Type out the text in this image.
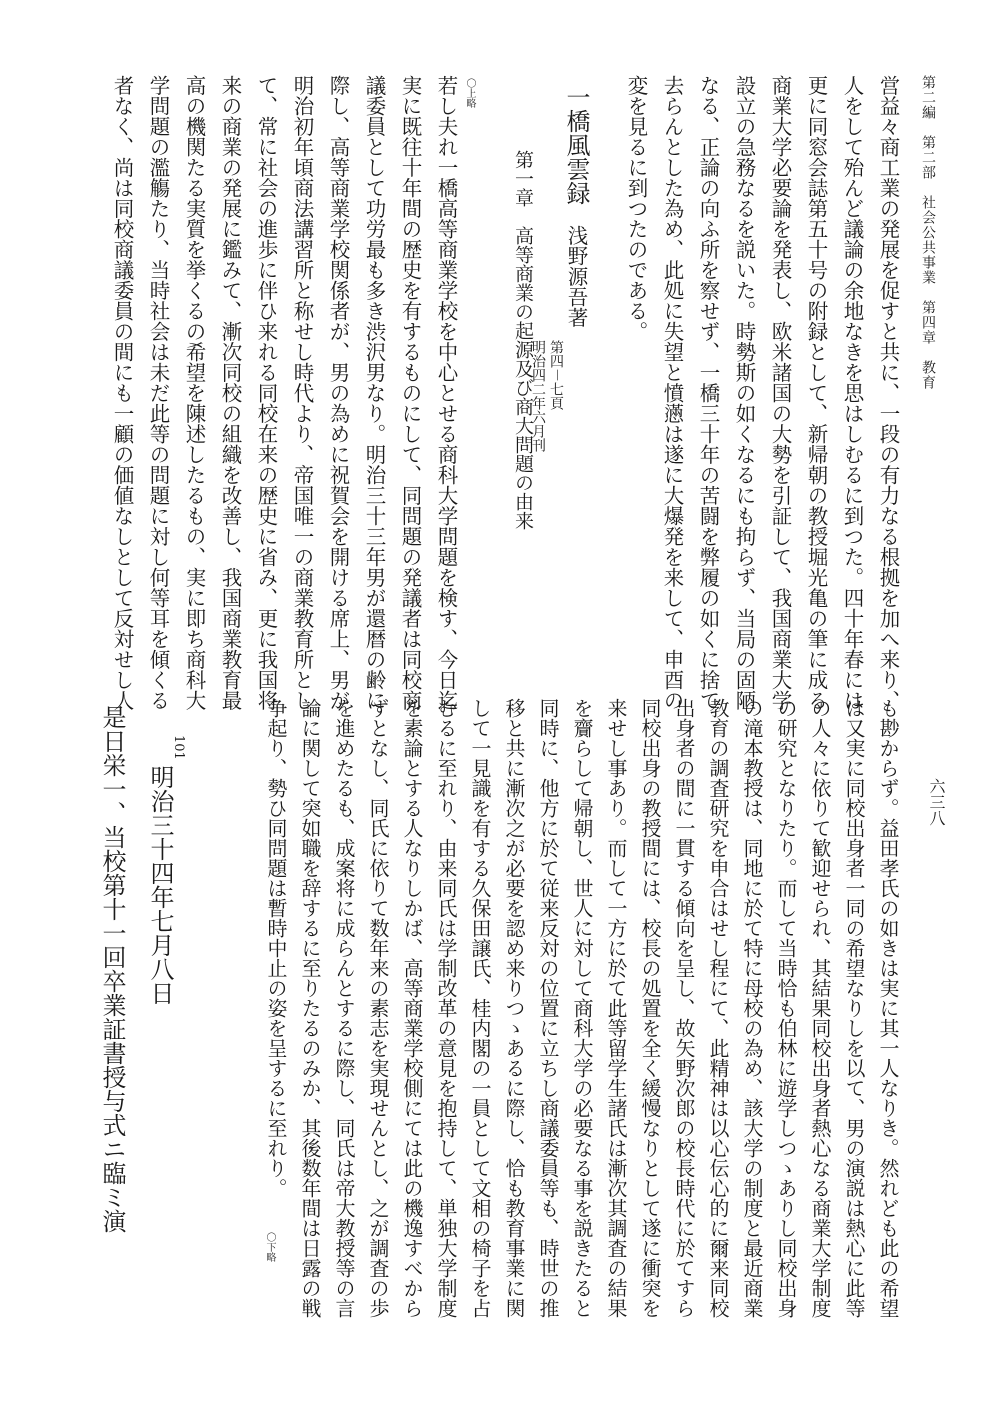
第二編　第二部　社会公共事業　第四章　教育
六三八
営益々商工業の発展を促すと共に、一段の有力なる根拠を加へ来り、
人をして殆んど議論の余地なきを思はしむるに到つた。四十年春には
更に同窓会誌第五十号の附録として、新帰朝の教授堀光亀の筆に成る
商業大学必要論を発表し、欧米諸国の大勢を引証して、我国商業大学
設立の急務なるを説いた。時勢斯の如くなるにも拘らず、当局の固陋
なる、正論の向ふ所を察せず、一橋三十年の苦闘を弊履の如くに捨て
去らんとした為め、此処に失望と憤懣は遂に大爆発を来して、申酉の
変を見るに到つたのである。
一橋風雲録
浅野源吾著
第四－七頁
明治四二年六月刊
第一章　高等商業の起源及び商大問題の由来
〇上略
若し夫れ一橋高等商業学校を中心とせる商科大学問題を検す、今日迄
実に既往十年間の歴史を有するものにして、同問題の発議者は同校商
議委員として功労最も多き渋沢男なり。明治三十三年男が還暦の齢に
際し、高等商業学校関係者が、男の為めに祝賀会を開ける席上、男が
明治初年頃商法講習所と称せし時代より、帝国唯一の商業教育所とし
て、常に社会の進歩に伴ひ来れる同校在来の歴史に省み、更に我国将
来の商業の発展に鑑みて、漸次同校の組織を改善し、我国商業教育最
高の機関たる実質を挙くるの希望を陳述したるもの、実に即ち商科大
学問題の濫觴たり、当時社会は未だ此等の問題に対し何等耳を傾くる
者なく、尚は同校商議委員の間にも一顧の価値なしとして反対せし人
も尠からず。益田孝氏の如きは実に其一人なりき。然れども此の希望
は又実に同校出身者一同の希望なりしを以て、男の演説は熱心に此等
の人々に依りて歓迎せられ、其結果同校出身者熱心なる商業大学制度
の研究となりたり。而して当時恰も伯林に遊学しつゝありし同校出身
の滝本教授は、同地に於て特に母校の為め、該大学の制度と最近商業
教育の調査研究を申合はせし程にて、此精神は以心伝心的に爾来同校
出身者の間に一貫する傾向を呈し、故矢野次郎の校長時代に於てすら
同校出身の教授間には、校長の処置を全く緩慢なりとして遂に衝突を
来せし事あり。而して一方に於て此等留学生諸氏は漸次其調査の結果
を齎らして帰朝し、世人に対して商科大学の必要なる事を説きたると
同時に、他方に於て従来反対の位置に立ちし商議委員等も、時世の推
移と共に漸次之が必要を認め来りつゝあるに際し、恰も教育事業に関
して一見識を有する久保田譲氏、桂内閣の一員として文相の椅子を占
むるに至れり、由来同氏は学制改革の意見を抱持して、単独大学制度
を素論とする人なりしかば、高等商業学校側にては此の機逸すべから
ずとなし、同氏に依りて数年来の素志を実現せんとし、之が調査の歩
を進めたるも、成案将に成らんとするに際し、同氏は帝大教授等の言
論に関して突如職を辞するに至りたるのみか、其後数年間は日露の戦
争起り、勢ひ同問題は暫時中止の姿を呈するに至れり。
〇下略
101
明治三十四年七月八日
是日栄一、当校第十一回卒業証書授与式ニ臨ミ演
